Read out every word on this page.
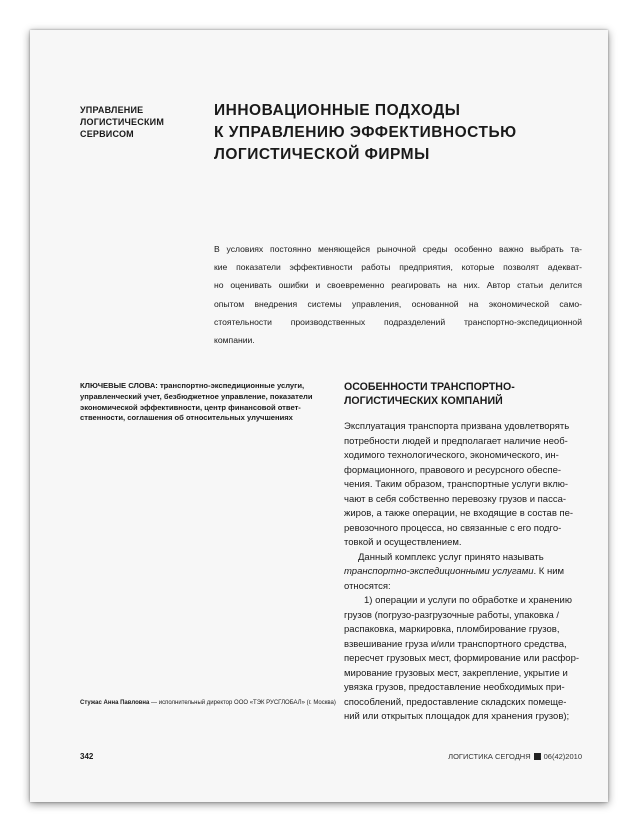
УПРАВЛЕНИЕ
ЛОГИСТИЧЕСКИМ
СЕРВИСОМ
ИННОВАЦИОННЫЕ ПОДХОДЫ
К УПРАВЛЕНИЮ ЭФФЕКТИВНОСТЬЮ
ЛОГИСТИЧЕСКОЙ ФИРМЫ
В условиях постоянно меняющейся рыночной среды особенно важно выбрать та-
кие показатели эффективности работы предприятия, которые позволят адекват-
но оценивать ошибки и своевременно реагировать на них. Автор статьи делится
опытом внедрения системы управления, основанной на экономической само-
стоятельности производственных подразделений транспортно-экспедиционной
компании.
КЛЮЧЕВЫЕ СЛОВА: транспортно-экспедиционные услуги,
управленческий учет, безбюджетное управление, показатели
экономической эффективности, центр финансовой ответ-
ственности, соглашения об относительных улучшениях
ОСОБЕННОСТИ ТРАНСПОРТНО-
ЛОГИСТИЧЕСКИХ КОМПАНИЙ
Эксплуатация транспорта призвана удовлетворять
потребности людей и предполагает наличие необ-
ходимого технологического, экономического, ин-
формационного, правового и ресурсного обеспе-
чения. Таким образом, транспортные услуги вклю-
чают в себя собственно перевозку грузов и пасса-
жиров, а также операции, не входящие в состав пе-
ревозочного процесса, но связанные с его подго-
товкой и осуществлением.
Данный комплекс услуг принято называть
транспортно-экспедиционными услугами. К ним
относятся:
1) операции и услуги по обработке и хранению
грузов (погрузо-разгрузочные работы, упаковка /
распаковка, маркировка, пломбирование грузов,
взвешивание груза и/или транспортного средства,
пересчет грузовых мест, формирование или расфор-
мирование грузовых мест, закрепление, укрытие и
увязка грузов, предоставление необходимых при-
способлений, предоставление складских помеще-
ний или открытых площадок для хранения грузов);
Стужас Анна Павловна — исполнительный директор ООО «ТЭК РУСГЛОБАЛ» (г. Москва)
342	ЛОГИСТИКА СЕГОДНЯ 06(42)2010
